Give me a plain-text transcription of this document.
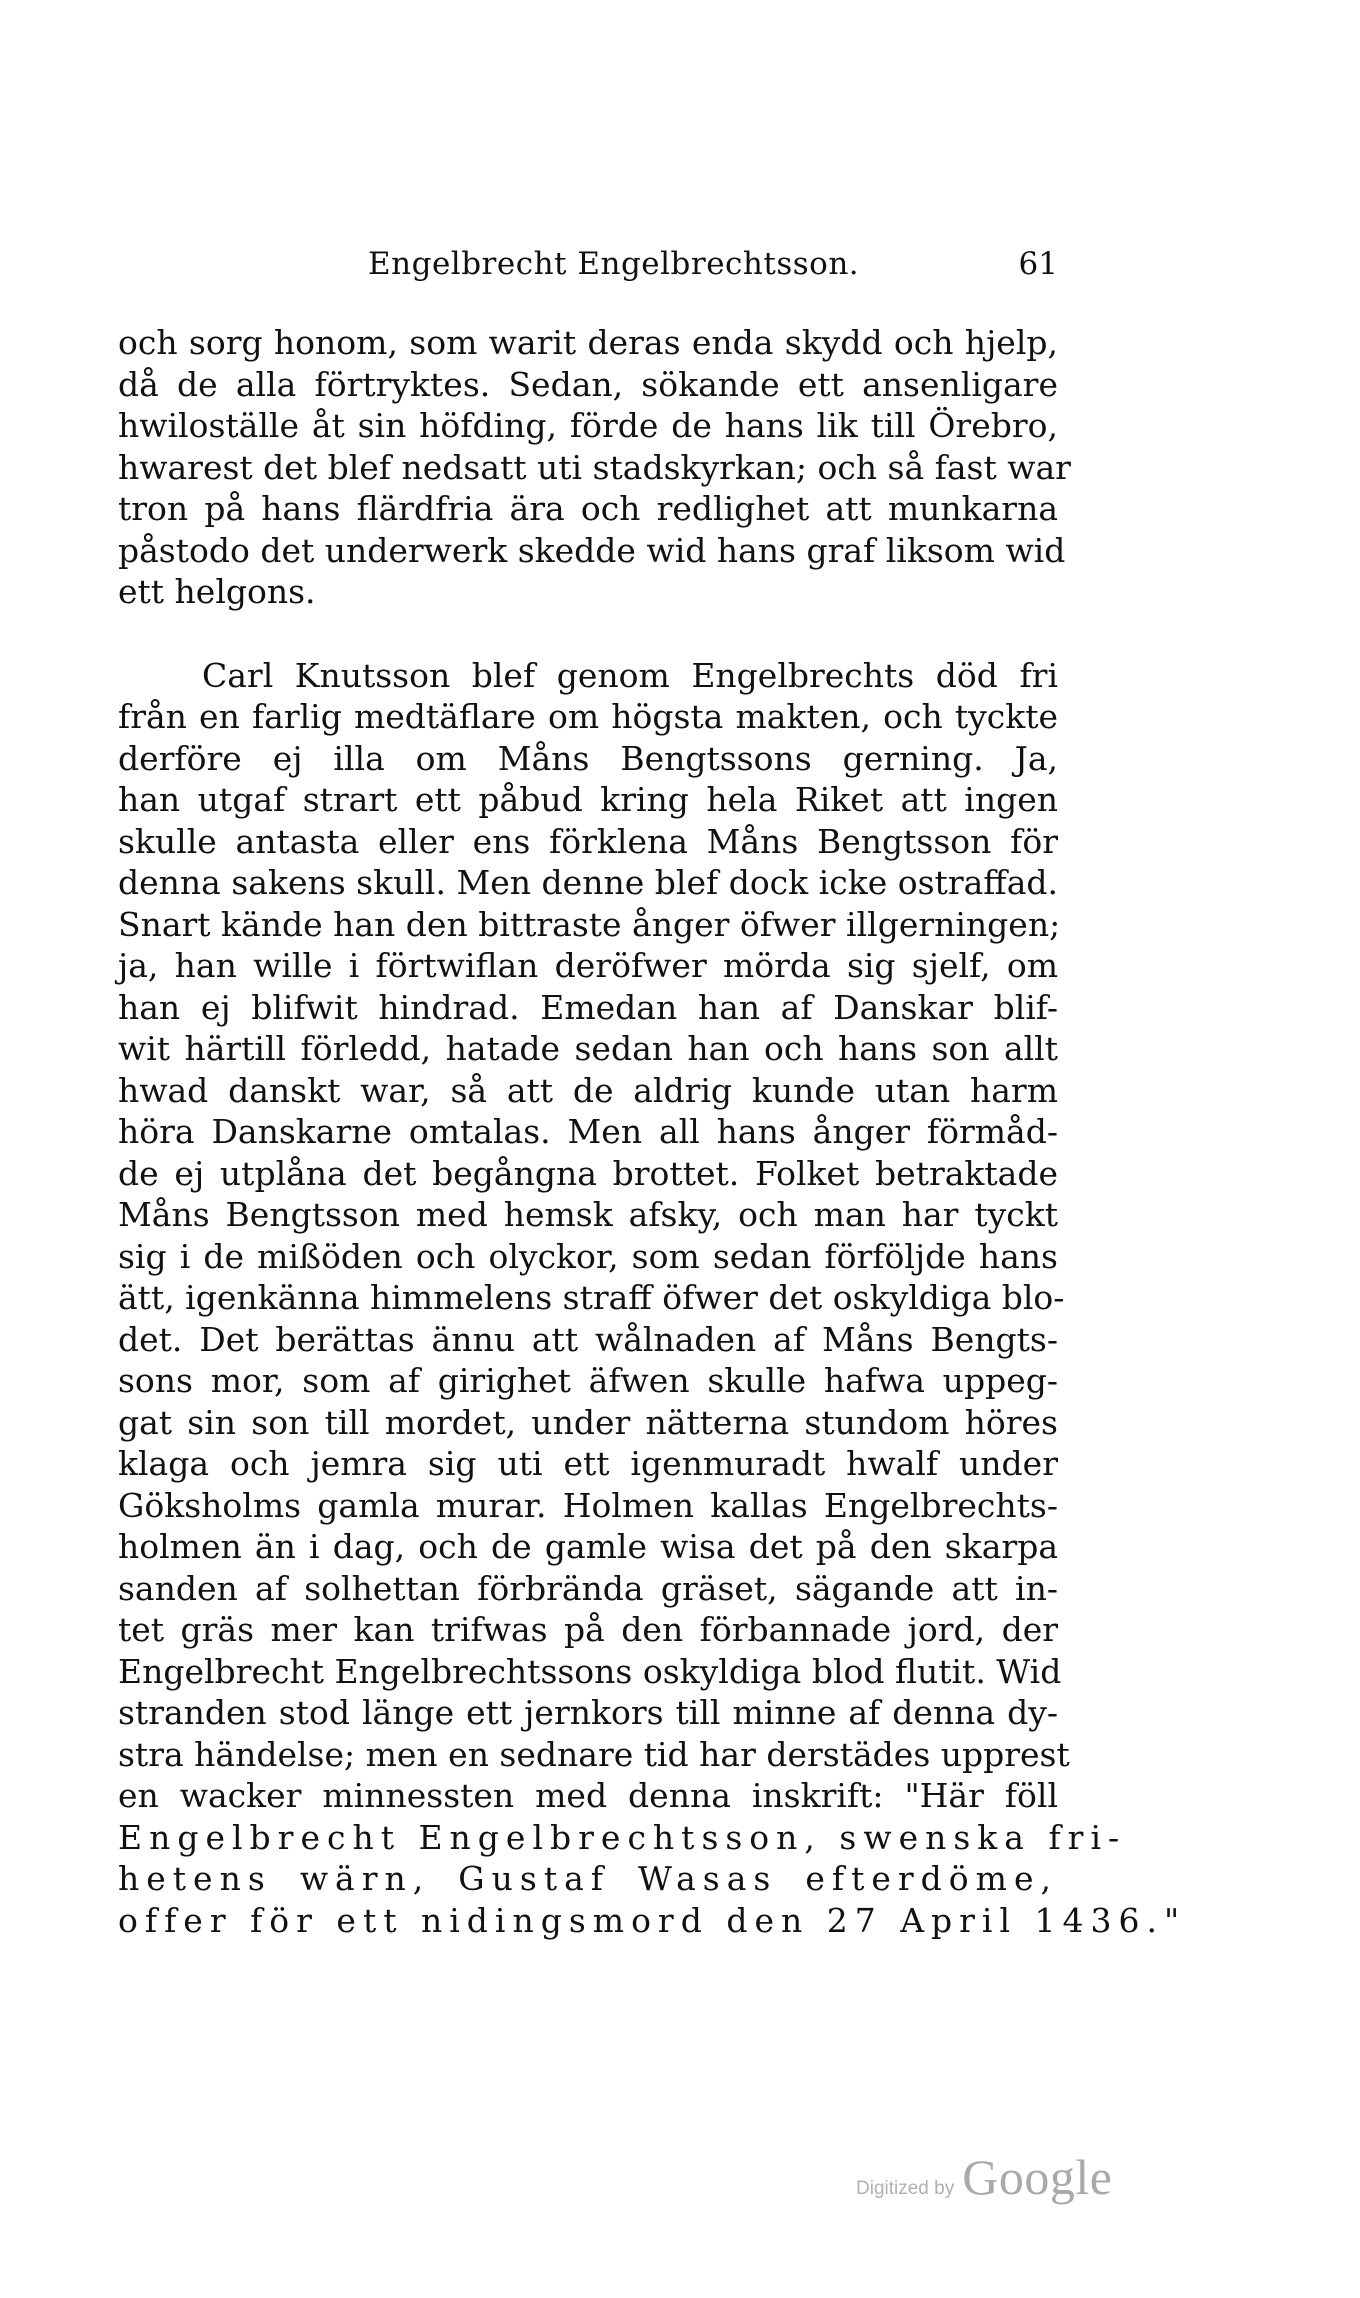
Engelbrecht Engelbrechtsson.	61
och sorg honom, som warit deras enda skydd och hjelp,
då de alla förtryktes. Sedan, sökande ett ansenligare
hwiloställe åt sin höfding, förde de hans lik till Örebro,
hwarest det blef nedsatt uti stadskyrkan; och så fast war
tron på hans flärdfria ära och redlighet att munkarna
påstodo det underwerk skedde wid hans graf liksom wid
ett helgons.
Carl Knutsson blef genom Engelbrechts död fri
från en farlig medtäflare om högsta makten, och tyckte
derföre ej illa om Måns Bengtssons gerning. Ja,
han utgaf strart ett påbud kring hela Riket att ingen
skulle antasta eller ens förklena Måns Bengtsson för
denna sakens skull. Men denne blef dock icke ostraffad.
Snart kände han den bittraste ånger öfwer illgerningen;
ja, han wille i förtwiflan deröfwer mörda sig sjelf, om
han ej blifwit hindrad. Emedan han af Danskar blif-
wit härtill förledd, hatade sedan han och hans son allt
hwad danskt war, så att de aldrig kunde utan harm
höra Danskarne omtalas. Men all hans ånger förmåd-
de ej utplåna det begångna brottet. Folket betraktade
Måns Bengtsson med hemsk afsky, och man har tyckt
sig i de mißöden och olyckor, som sedan förföljde hans
ätt, igenkänna himmelens straff öfwer det oskyldiga blo-
det. Det berättas ännu att wålnaden af Måns Bengts-
sons mor, som af girighet äfwen skulle hafwa uppeg-
gat sin son till mordet, under nätterna stundom höres
klaga och jemra sig uti ett igenmuradt hwalf under
Göksholms gamla murar. Holmen kallas Engelbrechts-
holmen än i dag, och de gamle wisa det på den skarpa
sanden af solhettan förbrända gräset, sägande att in-
tet gräs mer kan trifwas på den förbannade jord, der
Engelbrecht Engelbrechtssons oskyldiga blod flutit. Wid
stranden stod länge ett jernkors till minne af denna dy-
stra händelse; men en sednare tid har derstädes upprest
en wacker minnessten med denna inskrift: "Här föll
Engelbrecht Engelbrechtsson, swenska fri-
hetens wärn, Gustaf Wasas efterdöme,
offer för ett nidingsmord den 27 April 1436."
Digitized by Google
